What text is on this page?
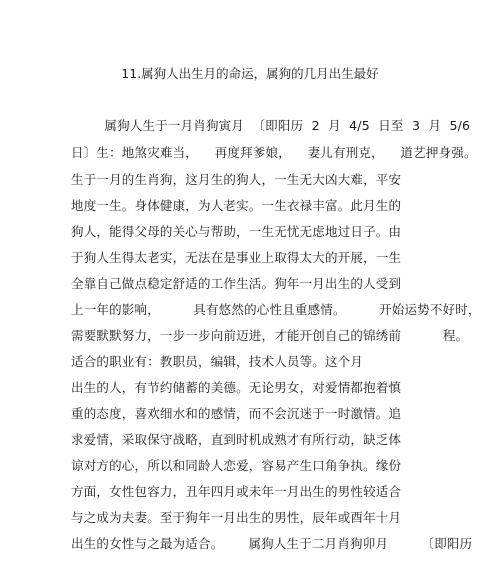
11.属狗人出生月的命运，属狗的几月出生最好
属狗人生于一月肖狗寅月  〔即阳历  2  月  4/5  日至  3  月  5/6
日〕生：地煞灾难当，    再度拜爹娘，    妻儿有刑克，    道艺押身强。
生于一月的生肖狗，这月生的狗人，一生无大凶大难，平安
地度一生。身体健康，为人老实。一生衣禄丰富。此月生的
狗人，能得父母的关心与帮助，一生无忧无虑地过日子。由
于狗人生得太老实，无法在是事业上取得太大的开展，一生
全靠自己做点稳定舒适的工作生活。狗年一月出生的人受到
上一年的影响，        具有悠然的心性且重感情。        开始运势不好时，
需要默默努力，一步一步向前迈进，才能开创自己的锦绣前          程。
适合的职业有：教职员，编辑，技术人员等。这个月
出生的人，有节约储蓄的美德。无论男女，对爱情都抱着慎
重的态度，喜欢细水和的感情，而不会沉迷于一时激情。追
求爱情，采取保守战略，直到时机成熟才有所行动，缺乏体
谅对方的心，所以和同龄人恋爱，容易产生口角争执。缘份
方面，女性包容力，丑年四月或未年一月出生的男性较适合
与之成为夫妻。至于狗年一月出生的男性，辰年或酉年十月
出生的女性与之最为适合。      属狗人生于二月肖狗卯月        〔即阳历
